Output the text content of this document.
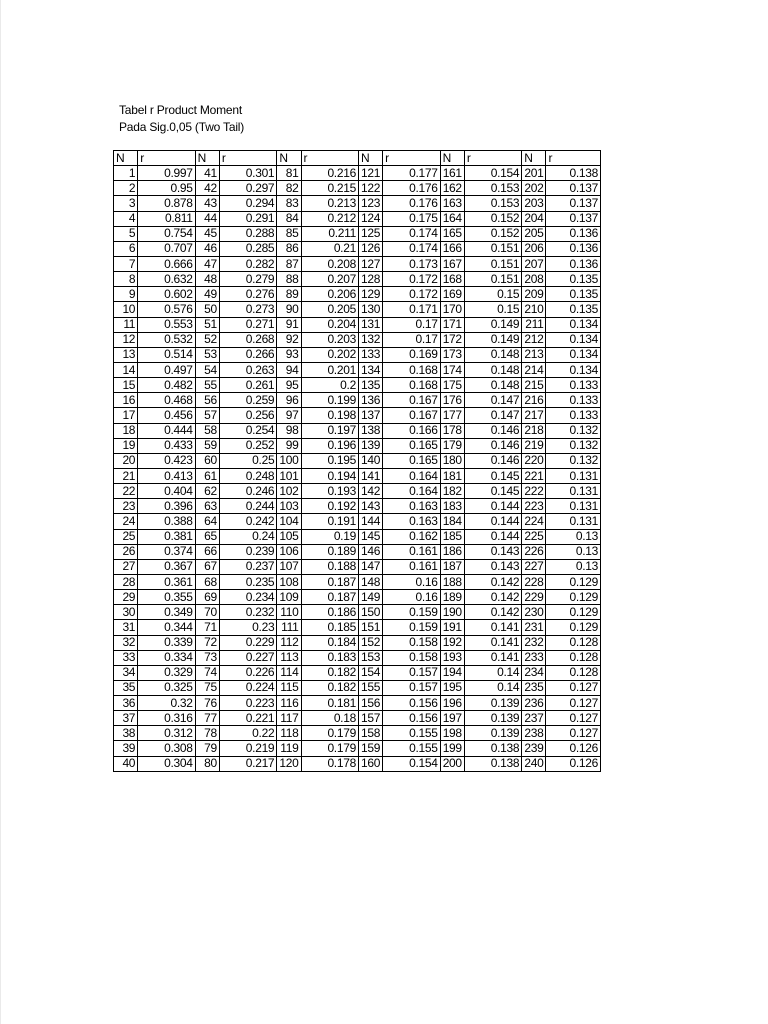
Tabel r Product Moment
Pada Sig.0,05 (Two Tail)
N	r	N	r	N	r	N	r	N	r	N	r
1	0.997	41	0.301	81	0.216	121	0.177	161	0.154	201	0.138
2	0.95	42	0.297	82	0.215	122	0.176	162	0.153	202	0.137
3	0.878	43	0.294	83	0.213	123	0.176	163	0.153	203	0.137
4	0.811	44	0.291	84	0.212	124	0.175	164	0.152	204	0.137
5	0.754	45	0.288	85	0.211	125	0.174	165	0.152	205	0.136
6	0.707	46	0.285	86	0.21	126	0.174	166	0.151	206	0.136
7	0.666	47	0.282	87	0.208	127	0.173	167	0.151	207	0.136
8	0.632	48	0.279	88	0.207	128	0.172	168	0.151	208	0.135
9	0.602	49	0.276	89	0.206	129	0.172	169	0.15	209	0.135
10	0.576	50	0.273	90	0.205	130	0.171	170	0.15	210	0.135
11	0.553	51	0.271	91	0.204	131	0.17	171	0.149	211	0.134
12	0.532	52	0.268	92	0.203	132	0.17	172	0.149	212	0.134
13	0.514	53	0.266	93	0.202	133	0.169	173	0.148	213	0.134
14	0.497	54	0.263	94	0.201	134	0.168	174	0.148	214	0.134
15	0.482	55	0.261	95	0.2	135	0.168	175	0.148	215	0.133
16	0.468	56	0.259	96	0.199	136	0.167	176	0.147	216	0.133
17	0.456	57	0.256	97	0.198	137	0.167	177	0.147	217	0.133
18	0.444	58	0.254	98	0.197	138	0.166	178	0.146	218	0.132
19	0.433	59	0.252	99	0.196	139	0.165	179	0.146	219	0.132
20	0.423	60	0.25	100	0.195	140	0.165	180	0.146	220	0.132
21	0.413	61	0.248	101	0.194	141	0.164	181	0.145	221	0.131
22	0.404	62	0.246	102	0.193	142	0.164	182	0.145	222	0.131
23	0.396	63	0.244	103	0.192	143	0.163	183	0.144	223	0.131
24	0.388	64	0.242	104	0.191	144	0.163	184	0.144	224	0.131
25	0.381	65	0.24	105	0.19	145	0.162	185	0.144	225	0.13
26	0.374	66	0.239	106	0.189	146	0.161	186	0.143	226	0.13
27	0.367	67	0.237	107	0.188	147	0.161	187	0.143	227	0.13
28	0.361	68	0.235	108	0.187	148	0.16	188	0.142	228	0.129
29	0.355	69	0.234	109	0.187	149	0.16	189	0.142	229	0.129
30	0.349	70	0.232	110	0.186	150	0.159	190	0.142	230	0.129
31	0.344	71	0.23	111	0.185	151	0.159	191	0.141	231	0.129
32	0.339	72	0.229	112	0.184	152	0.158	192	0.141	232	0.128
33	0.334	73	0.227	113	0.183	153	0.158	193	0.141	233	0.128
34	0.329	74	0.226	114	0.182	154	0.157	194	0.14	234	0.128
35	0.325	75	0.224	115	0.182	155	0.157	195	0.14	235	0.127
36	0.32	76	0.223	116	0.181	156	0.156	196	0.139	236	0.127
37	0.316	77	0.221	117	0.18	157	0.156	197	0.139	237	0.127
38	0.312	78	0.22	118	0.179	158	0.155	198	0.139	238	0.127
39	0.308	79	0.219	119	0.179	159	0.155	199	0.138	239	0.126
40	0.304	80	0.217	120	0.178	160	0.154	200	0.138	240	0.126
